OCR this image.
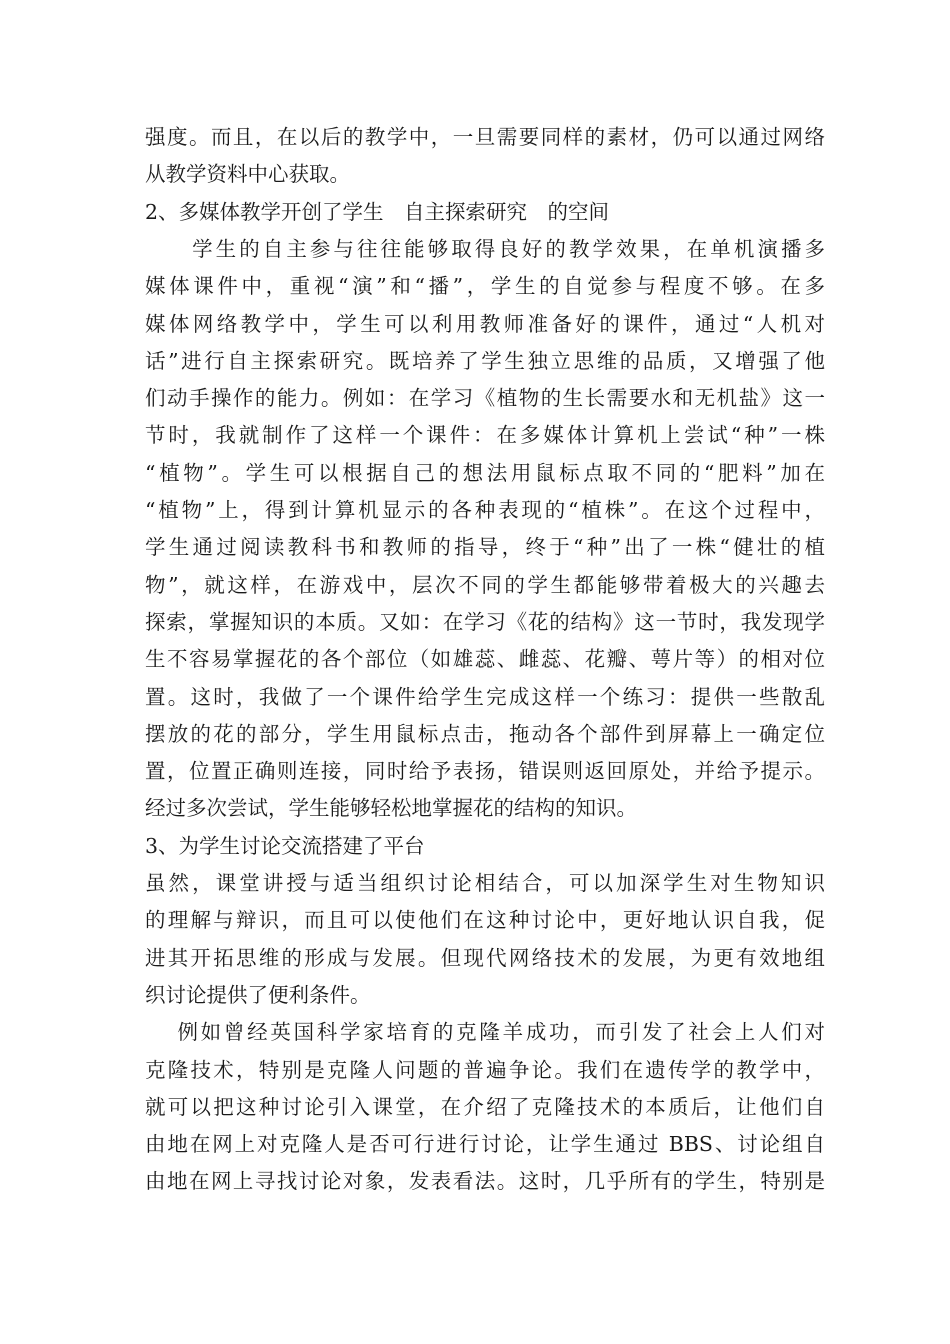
强度。而且，在以后的教学中，一旦需要同样的素材，仍可以通过网络
从教学资料中心获取。
2、多媒体教学开创了学生　自主探索研究　的空间
　　学生的自主参与往往能够取得良好的教学效果，在单机演播多
媒体课件中，重视“演”和“播”，学生的自觉参与程度不够。在多
媒体网络教学中，学生可以利用教师准备好的课件，通过“人机对
话”进行自主探索研究。既培养了学生独立思维的品质，又增强了他
们动手操作的能力。例如：在学习《植物的生长需要水和无机盐》这一
节时，我就制作了这样一个课件：在多媒体计算机上尝试“种”一株
“植物”。学生可以根据自己的想法用鼠标点取不同的“肥料”加在
“植物”上，得到计算机显示的各种表现的“植株”。在这个过程中，
学生通过阅读教科书和教师的指导，终于“种”出了一株“健壮的植
物”，就这样，在游戏中，层次不同的学生都能够带着极大的兴趣去
探索，掌握知识的本质。又如：在学习《花的结构》这一节时，我发现学
生不容易掌握花的各个部位（如雄蕊、雌蕊、花瓣、萼片等）的相对位
置。这时，我做了一个课件给学生完成这样一个练习：提供一些散乱
摆放的花的部分，学生用鼠标点击，拖动各个部件到屏幕上一确定位
置，位置正确则连接，同时给予表扬，错误则返回原处，并给予提示。
经过多次尝试，学生能够轻松地掌握花的结构的知识。
3、为学生讨论交流搭建了平台
虽然，课堂讲授与适当组织讨论相结合，可以加深学生对生物知识
的理解与辩识，而且可以使他们在这种讨论中，更好地认识自我，促
进其开拓思维的形成与发展。但现代网络技术的发展，为更有效地组
织讨论提供了便利条件。
　 例如曾经英国科学家培育的克隆羊成功，而引发了社会上人们对
克隆技术，特别是克隆人问题的普遍争论。我们在遗传学的教学中，
就可以把这种讨论引入课堂，在介绍了克隆技术的本质后，让他们自
由地在网上对克隆人是否可行进行讨论，让学生通过 BBS、讨论组自
由地在网上寻找讨论对象，发表看法。这时，几乎所有的学生，特别是
